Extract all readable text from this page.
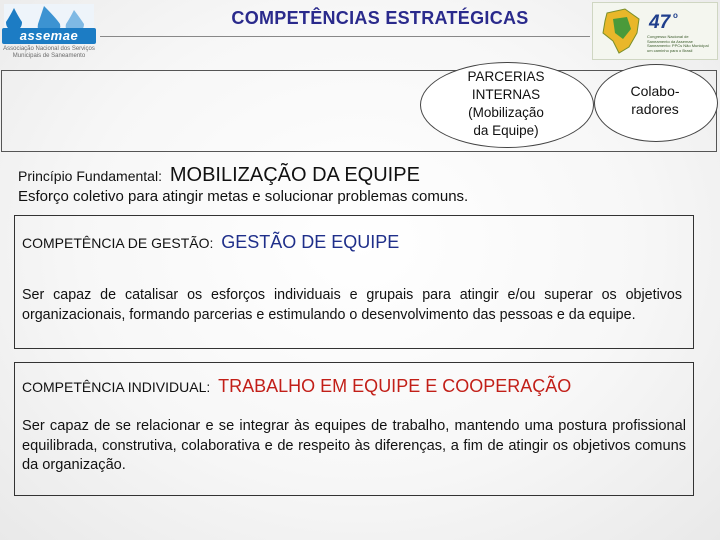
assemae
Associação Nacional dos Serviços Municipais de Saneamento
COMPETÊNCIAS ESTRATÉGICAS	47 o
Congresso Nacional de
Saneamento da Assemae
Saneamento: PPCs Não Municipal
um caminho para o Brasil
PARCERIAS
INTERNAS
(Mobilização
da Equipe)
Colabo-
radores
Princípio Fundamental: MOBILIZAÇÃO DA EQUIPE
Esforço coletivo para atingir metas e solucionar problemas comuns.
COMPETÊNCIA DE GESTÃO: GESTÃO DE EQUIPE
Ser capaz de catalisar os esforços individuais e grupais para atingir e/ou superar os objetivos organizacionais, formando parcerias e estimulando o desenvolvimento das pessoas e da equipe.
COMPETÊNCIA INDIVIDUAL: TRABALHO EM EQUIPE E COOPERAÇÃO
Ser capaz de se relacionar e se integrar às equipes de trabalho, mantendo uma postura profissional equilibrada, construtiva, colaborativa e de respeito às diferenças, a fim de atingir os objetivos comuns da organização.
